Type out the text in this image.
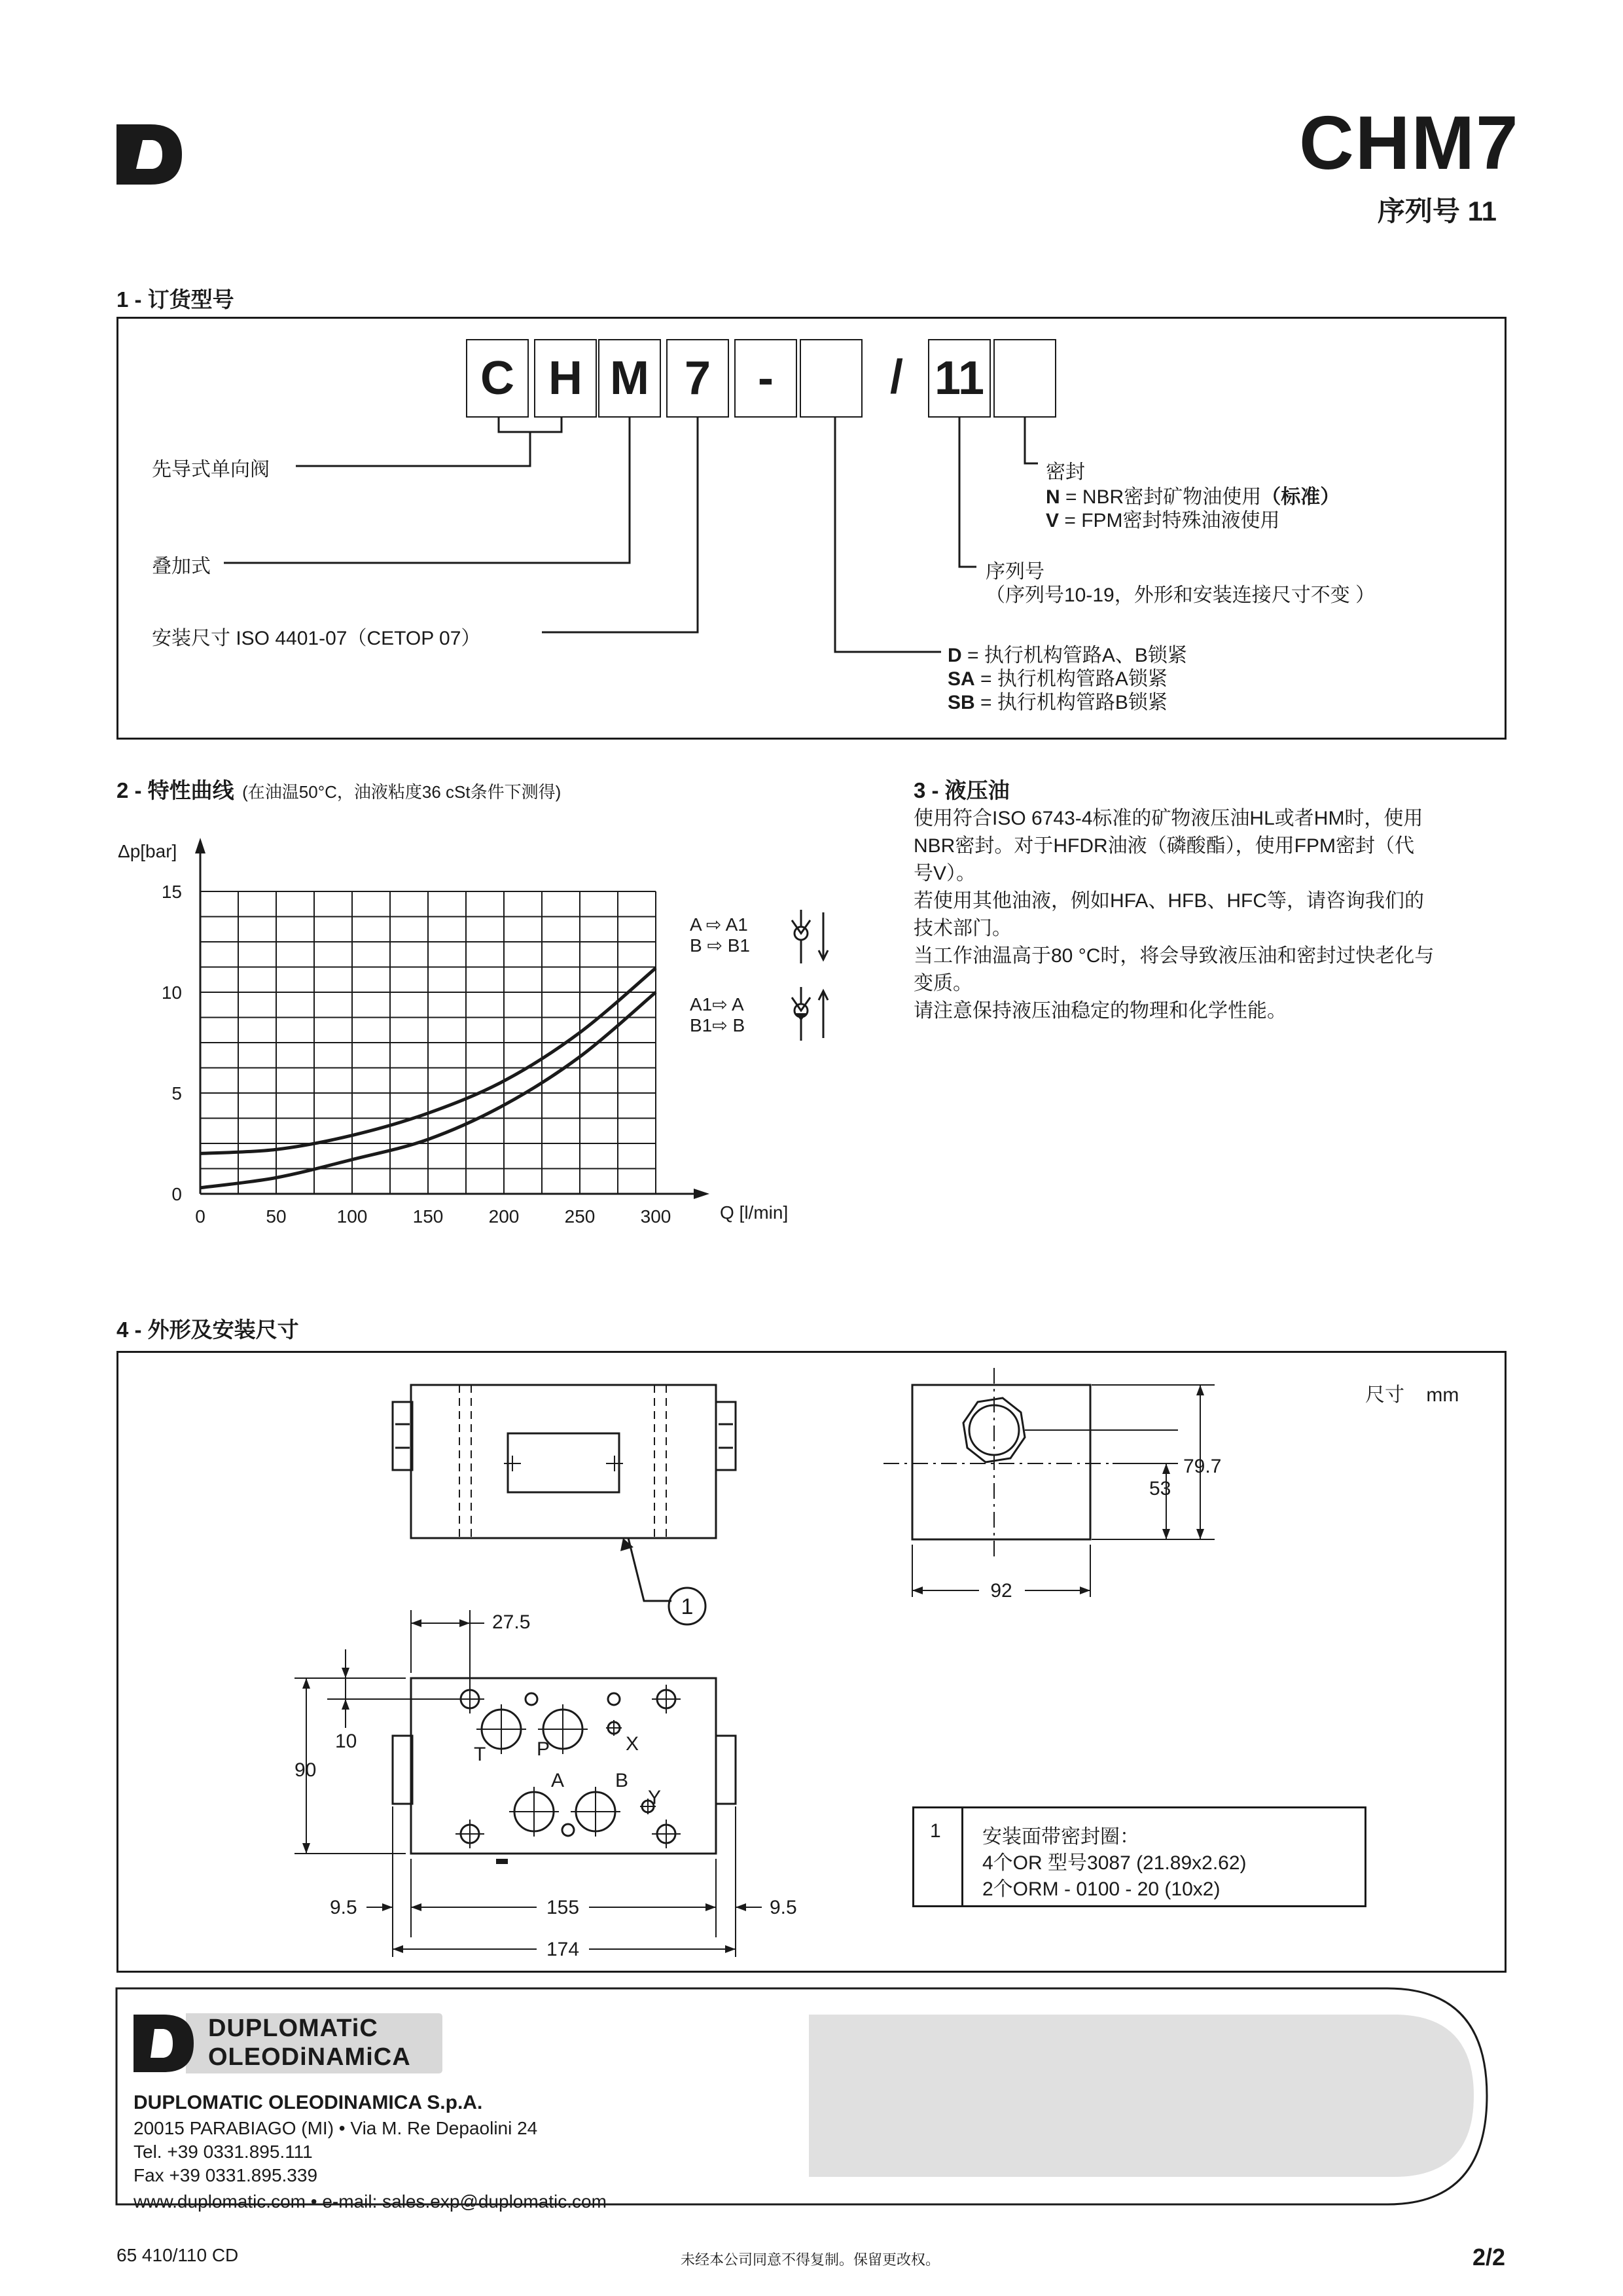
CHM7
序列号 11
1 - 订货型号
C H M 7 -	/ 11
先导式单向阀
叠加式
安装尺寸 ISO 4401-07（CETOP 07）
密封
N = NBR密封矿物油使用（标准）
V = FPM密封特殊油液使用
序列号
（序列号10-19，外形和安装连接尺寸不变 ）
D = 执行机构管路A、B锁紧
SA = 执行机构管路A锁紧
SB = 执行机构管路B锁紧
2 - 特性曲线 (在油温50°C，油液粘度36 cSt条件下测得)
0	50	100 150 200 250 300
0
5
10
15
Δp[bar]
Q [l/min]
A ⇨ A1
B ⇨ B1
A1⇨ A
B1⇨ B
3 - 液压油

使用符合ISO 6743-4标准的矿物液压油HL或者HM时，使用

NBR密封。对于HFDR油液（磷酸酯），使用FPM密封（代

号V）。

若使用其他油液，例如HFA、HFB、HFC等，请咨询我们的

技术部门。

当工作油温高于80 °C时，将会导致液压油和密封过快老化与

变质。

请注意保持液压油稳定的物理和化学性能。

4 - 外形及安装尺寸
尺寸 mm
1
79.7
53
92
27.5
10
90
9.5	155	9.5
174
T	P	X
A	B
Y
1 安装面带密封圈：
4个OR 型号3087 (21.89x2.62)
2个ORM - 0100 - 20 (10x2)
DUPLOMATiC
OLEODiNAMiCA
DUPLOMATIC OLEODINAMICA S.p.A.
20015 PARABIAGO (MI) • Via M. Re Depaolini 24
Tel. +39 0331.895.111
Fax +39 0331.895.339
www.duplomatic.com • e-mail: sales.exp@duplomatic.com
65 410/110 CD	未经本公司同意不得复制。保留更改权。	2/2
